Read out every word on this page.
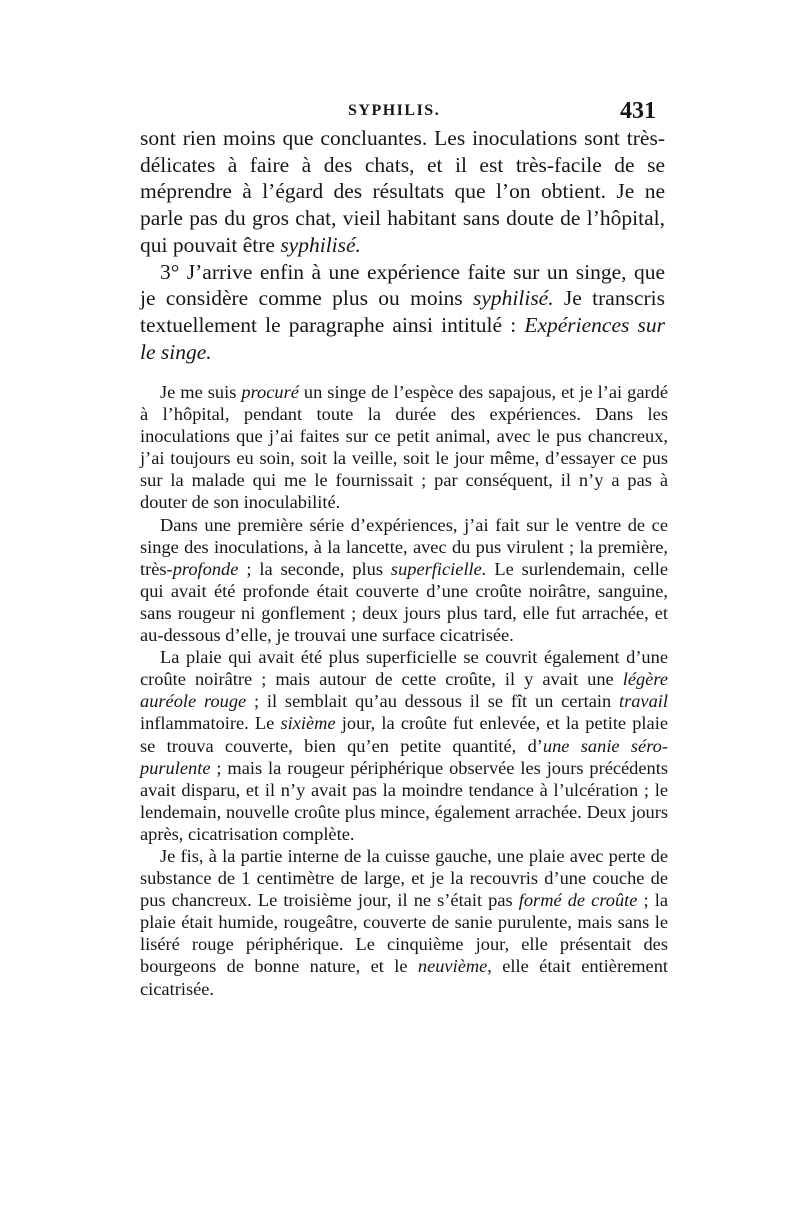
SYPHILIS.	431

sont rien moins que concluantes. Les inoculations sont très-délicates à faire à des chats, et il est très-facile de se méprendre à l’égard des résultats que l’on obtient. Je ne parle pas du gros chat, vieil habitant sans doute de l’hôpital, qui pouvait être syphilisé.

3° J’arrive enfin à une expérience faite sur un singe, que je considère comme plus ou moins syphilisé. Je transcris textuellement le paragraphe ainsi intitulé : Expériences sur le singe.

Je me suis procuré un singe de l’espèce des sapajous, et je l’ai gardé à l’hôpital, pendant toute la durée des expériences. Dans les inoculations que j’ai faites sur ce petit animal, avec le pus chancreux, j’ai toujours eu soin, soit la veille, soit le jour même, d’essayer ce pus sur la malade qui me le fournissait ; par conséquent, il n’y a pas à douter de son inoculabilité.

Dans une première série d’expériences, j’ai fait sur le ventre de ce singe des inoculations, à la lancette, avec du pus virulent ; la première, très-profonde ; la seconde, plus superficielle. Le surlendemain, celle qui avait été profonde était couverte d’une croûte noirâtre, sanguine, sans rougeur ni gonflement ; deux jours plus tard, elle fut arrachée, et au-dessous d’elle, je trouvai une surface cicatrisée.

La plaie qui avait été plus superficielle se couvrit également d’une croûte noirâtre ; mais autour de cette croûte, il y avait une légère auréole rouge ; il semblait qu’au dessous il se fît un certain travail inflammatoire. Le sixième jour, la croûte fut enlevée, et la petite plaie se trouva couverte, bien qu’en petite quantité, d’une sanie séro-purulente ; mais la rougeur périphérique observée les jours précédents avait disparu, et il n’y avait pas la moindre tendance à l’ulcération ; le lendemain, nouvelle croûte plus mince, également arrachée. Deux jours après, cicatrisation complète.

Je fis, à la partie interne de la cuisse gauche, une plaie avec perte de substance de 1 centimètre de large, et je la recouvris d’une couche de pus chancreux. Le troisième jour, il ne s’était pas formé de croûte ; la plaie était humide, rougeâtre, couverte de sanie purulente, mais sans le liséré rouge périphérique. Le cinquième jour, elle présentait des bourgeons de bonne nature, et le neuvième, elle était entièrement cicatrisée.
